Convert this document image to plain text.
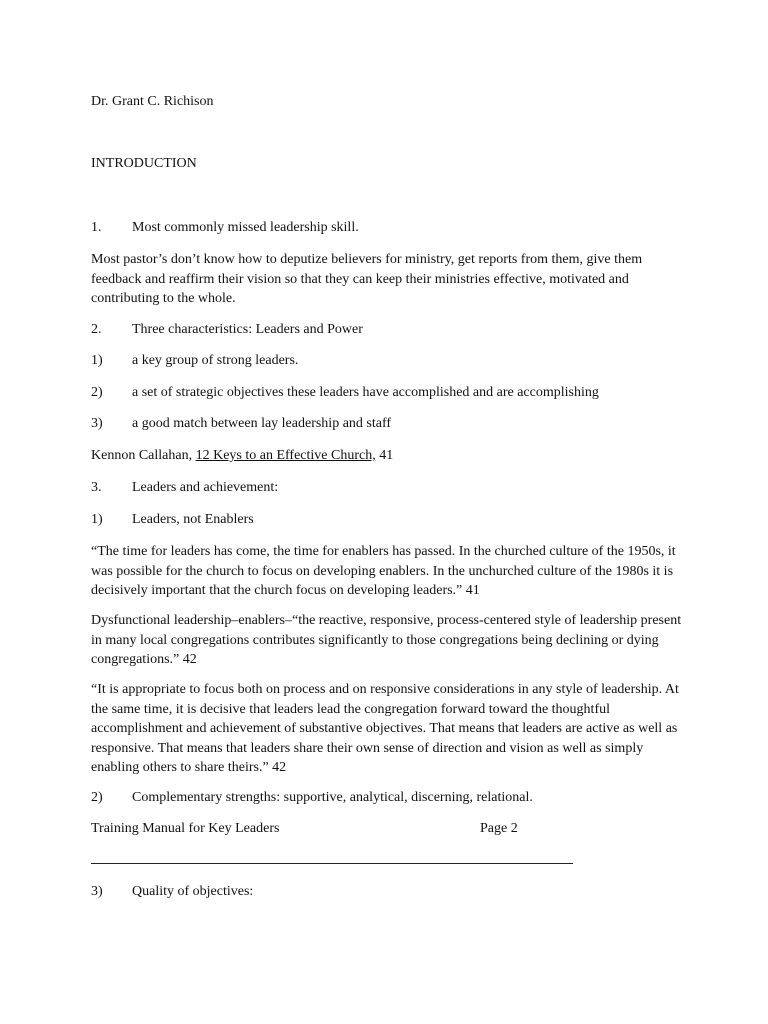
Dr. Grant C. Richison

INTRODUCTION

1. Most commonly missed leadership skill.

Most pastor’s don’t know how to deputize believers for ministry, get reports from them, give them feedback and reaffirm their vision so that they can keep their ministries effective, motivated and contributing to the whole.

2. Three characteristics: Leaders and Power

1) a key group of strong leaders.

2) a set of strategic objectives these leaders have accomplished and are accomplishing

3) a good match between lay leadership and staff

Kennon Callahan, 12 Keys to an Effective Church, 41

3. Leaders and achievement:

1) Leaders, not Enablers

“The time for leaders has come, the time for enablers has passed. In the churched culture of the 1950s, it was possible for the church to focus on developing enablers. In the unchurched culture of the 1980s it is decisively important that the church focus on developing leaders.” 41

Dysfunctional leadership–enablers–“the reactive, responsive, process-centered style of leadership present in many local congregations contributes significantly to those congregations being declining or dying congregations.” 42

“It is appropriate to focus both on process and on responsive considerations in any style of leadership. At the same time, it is decisive that leaders lead the congregation forward toward the thoughtful accomplishment and achievement of substantive objectives. That means that leaders are active as well as responsive. That means that leaders share their own sense of direction and vision as well as simply enabling others to share theirs.” 42

2) Complementary strengths: supportive, analytical, discerning, relational.

Training Manual for Key Leaders	Page 2

3) Quality of objectives:
